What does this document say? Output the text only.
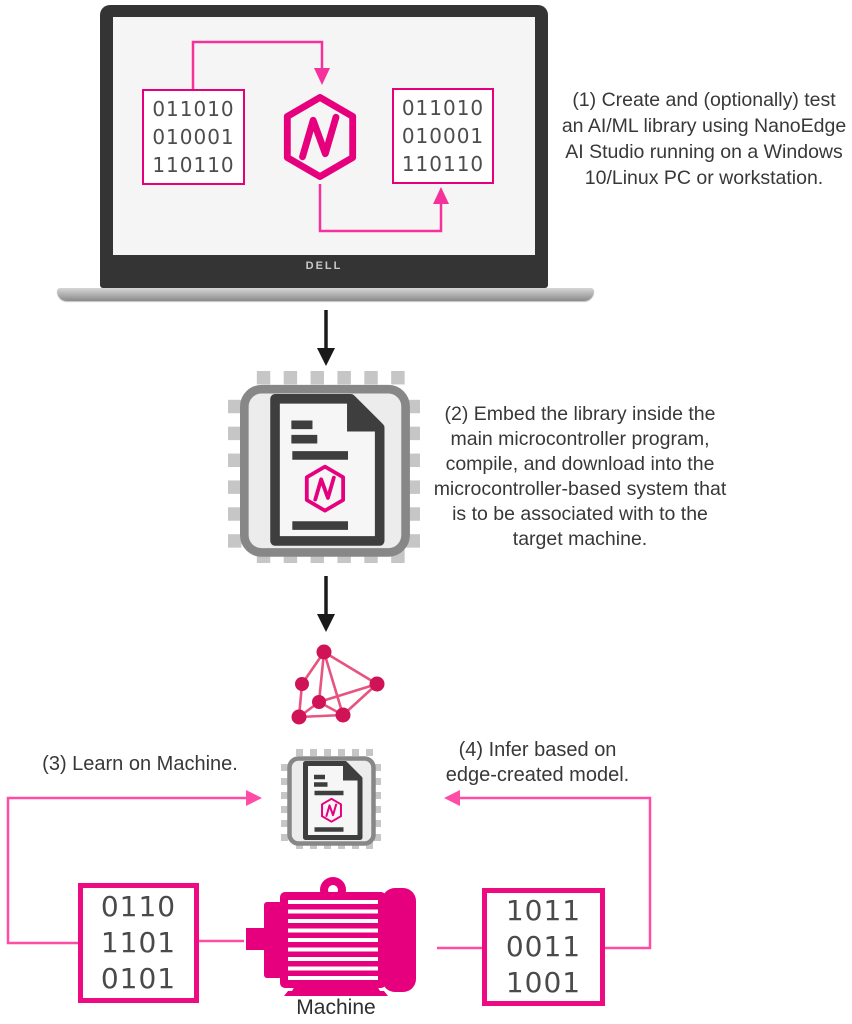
DELL
011010
010001
110110
011010
010001
110110
(1) Create and (optionally) test
an AI/ML library using NanoEdge
AI Studio running on a Windows
10/Linux PC or workstation.
(2) Embed the library inside the
main microcontroller program,
compile, and download into the
microcontroller-based system that
is to be associated with to the
target machine.
(3) Learn on Machine.
(4) Infer based on
edge-created model.
Machine
0110
1101
0101
1011
0011
1001
